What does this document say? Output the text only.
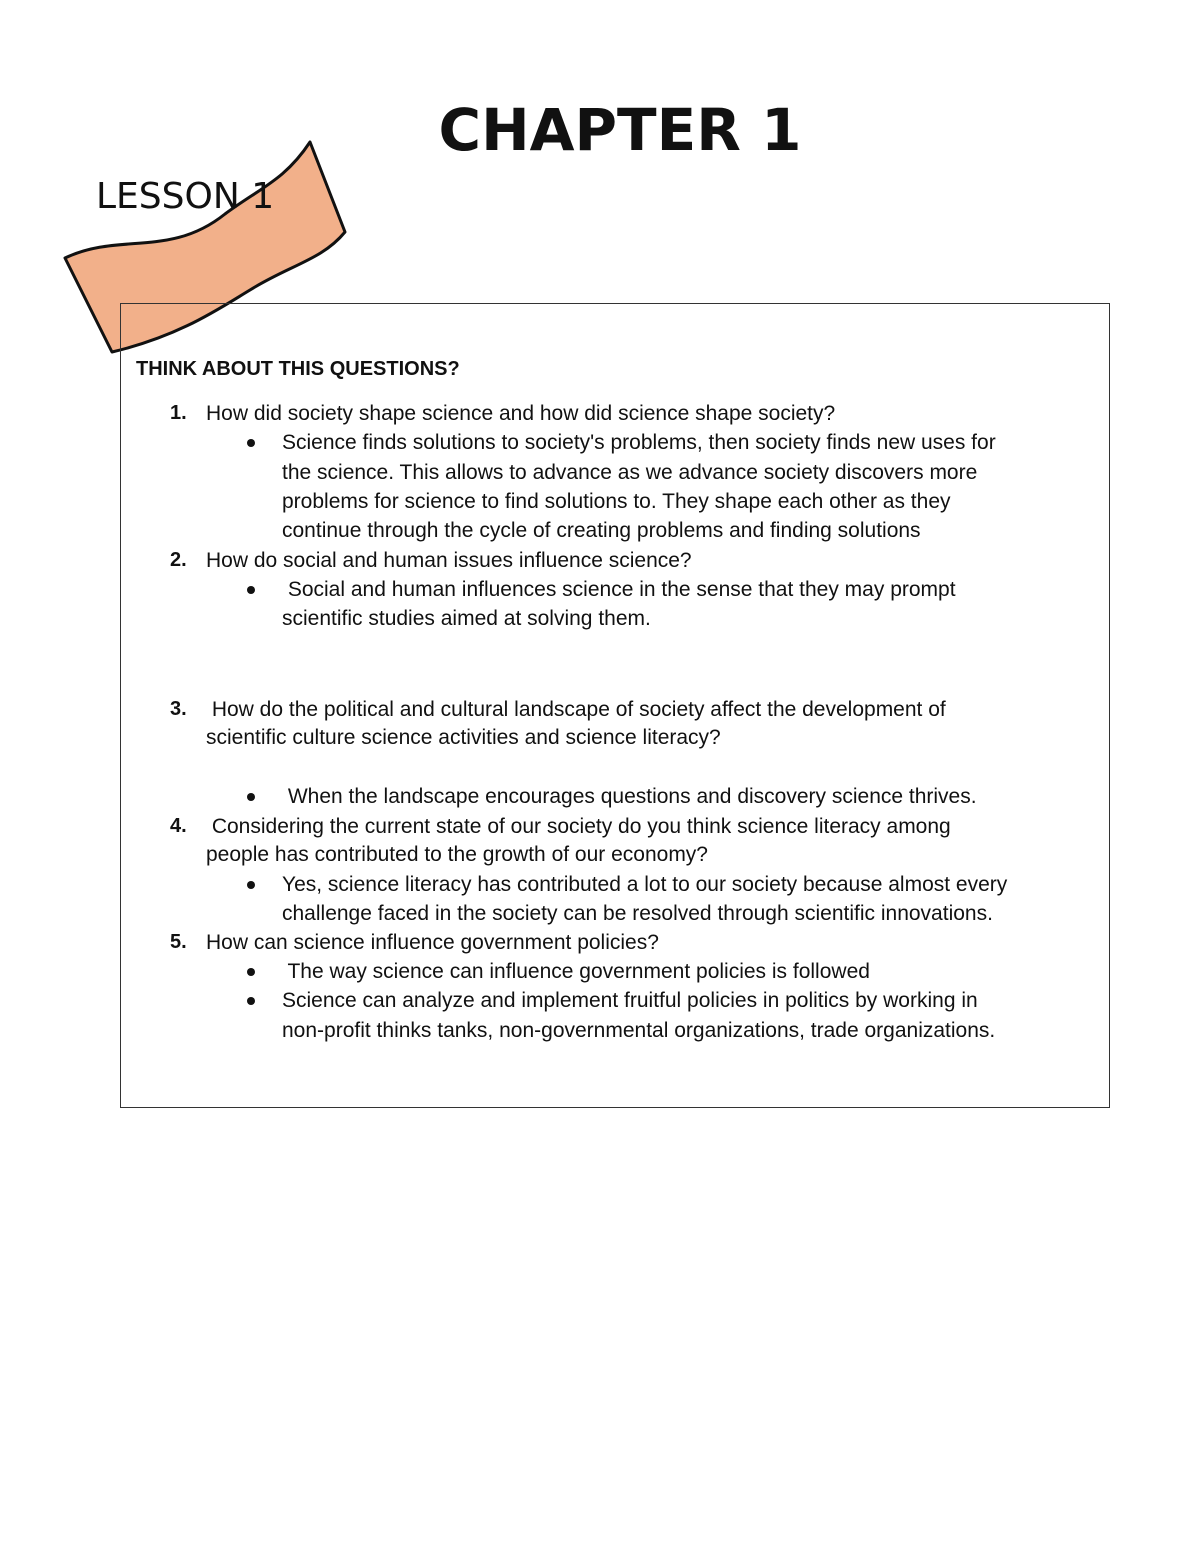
CHAPTER 1
LESSON 1
THINK ABOUT THIS QUESTIONS?
1. How did society shape science and how did science shape society?
Science finds solutions to society's problems, then society finds new uses for
the science. This allows to advance as we advance society discovers more
problems for science to find solutions to. They shape each other as they
continue through the cycle of creating problems and finding solutions
2. How do social and human issues influence science?
Social and human influences science in the sense that they may prompt
scientific studies aimed at solving them.
3. How do the political and cultural landscape of society affect the development of
scientific culture science activities and science literacy?
When the landscape encourages questions and discovery science thrives.
4. Considering the current state of our society do you think science literacy among
people has contributed to the growth of our economy?
Yes, science literacy has contributed a lot to our society because almost every
challenge faced in the society can be resolved through scientific innovations.
5. How can science influence government policies?
The way science can influence government policies is followed
Science can analyze and implement fruitful policies in politics by working in
non-profit thinks tanks, non-governmental organizations, trade organizations.
